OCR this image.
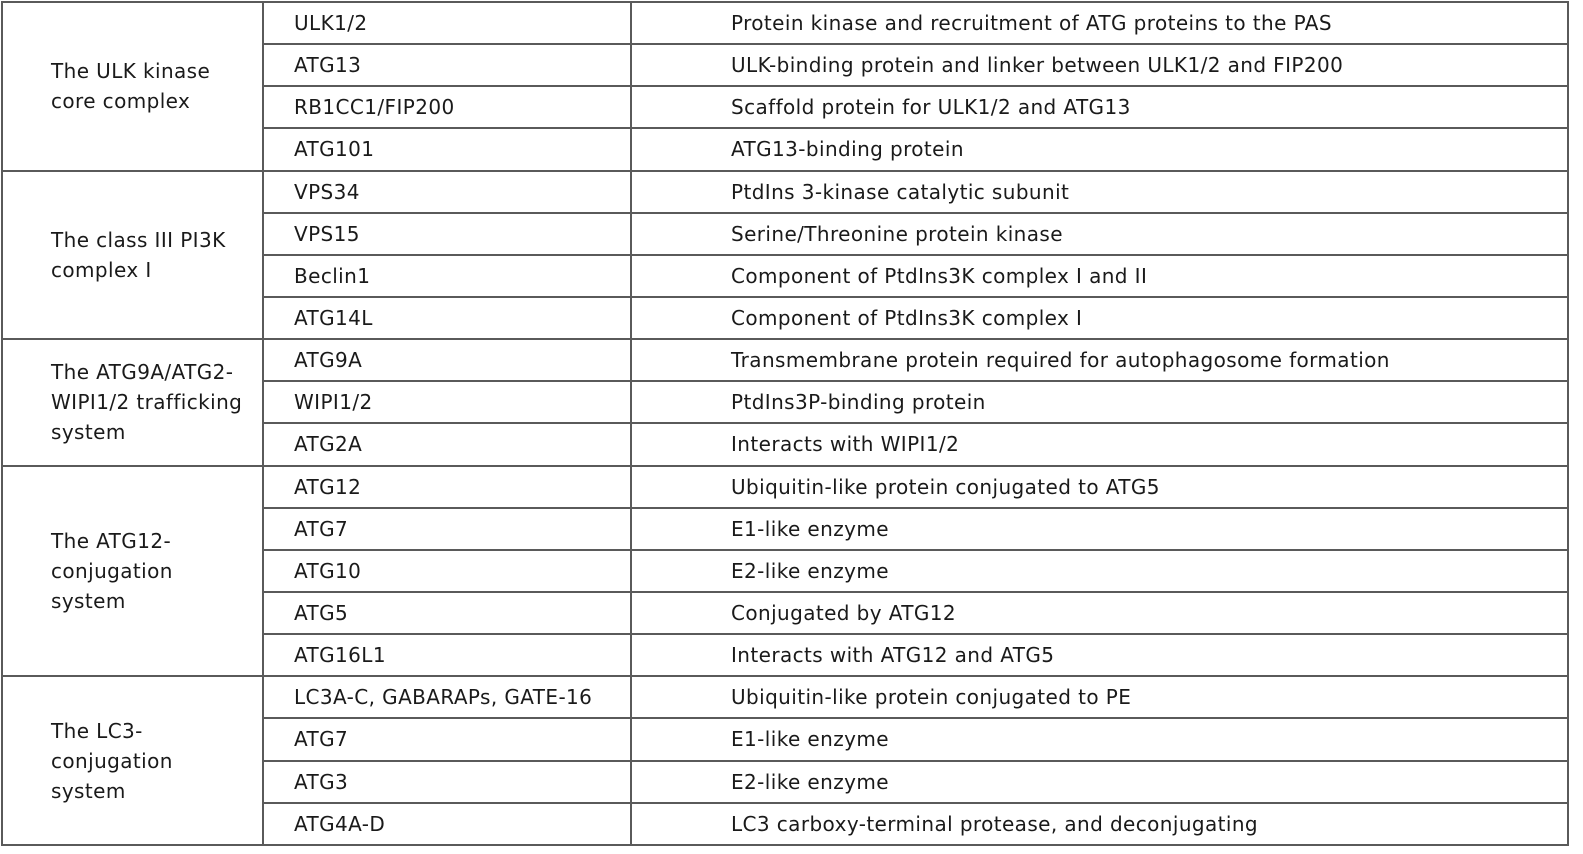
The ULK kinase core complex	ULK1/2	Protein kinase and recruitment of ATG proteins to the PAS
	ATG13	ULK-binding protein and linker between ULK1/2 and FIP200
	RB1CC1/FIP200	Scaffold protein for ULK1/2 and ATG13
	ATG101	ATG13-binding protein
The class III PI3K complex I	VPS34	PtdIns 3-kinase catalytic subunit
	VPS15	Serine/Threonine protein kinase
	Beclin1	Component of PtdIns3K complex I and II
	ATG14L	Component of PtdIns3K complex I
The ATG9A/ATG2-WIPI1/2 trafficking system	ATG9A	Transmembrane protein required for autophagosome formation
	WIPI1/2	PtdIns3P-binding protein
	ATG2A	Interacts with WIPI1/2
The ATG12-conjugation system	ATG12	Ubiquitin-like protein conjugated to ATG5
	ATG7	E1-like enzyme
	ATG10	E2-like enzyme
	ATG5	Conjugated by ATG12
	ATG16L1	Interacts with ATG12 and ATG5
The LC3-conjugation system	LC3A-C, GABARAPs, GATE-16	Ubiquitin-like protein conjugated to PE
	ATG7	E1-like enzyme
	ATG3	E2-like enzyme
	ATG4A-D	LC3 carboxy-terminal protease, and deconjugating
